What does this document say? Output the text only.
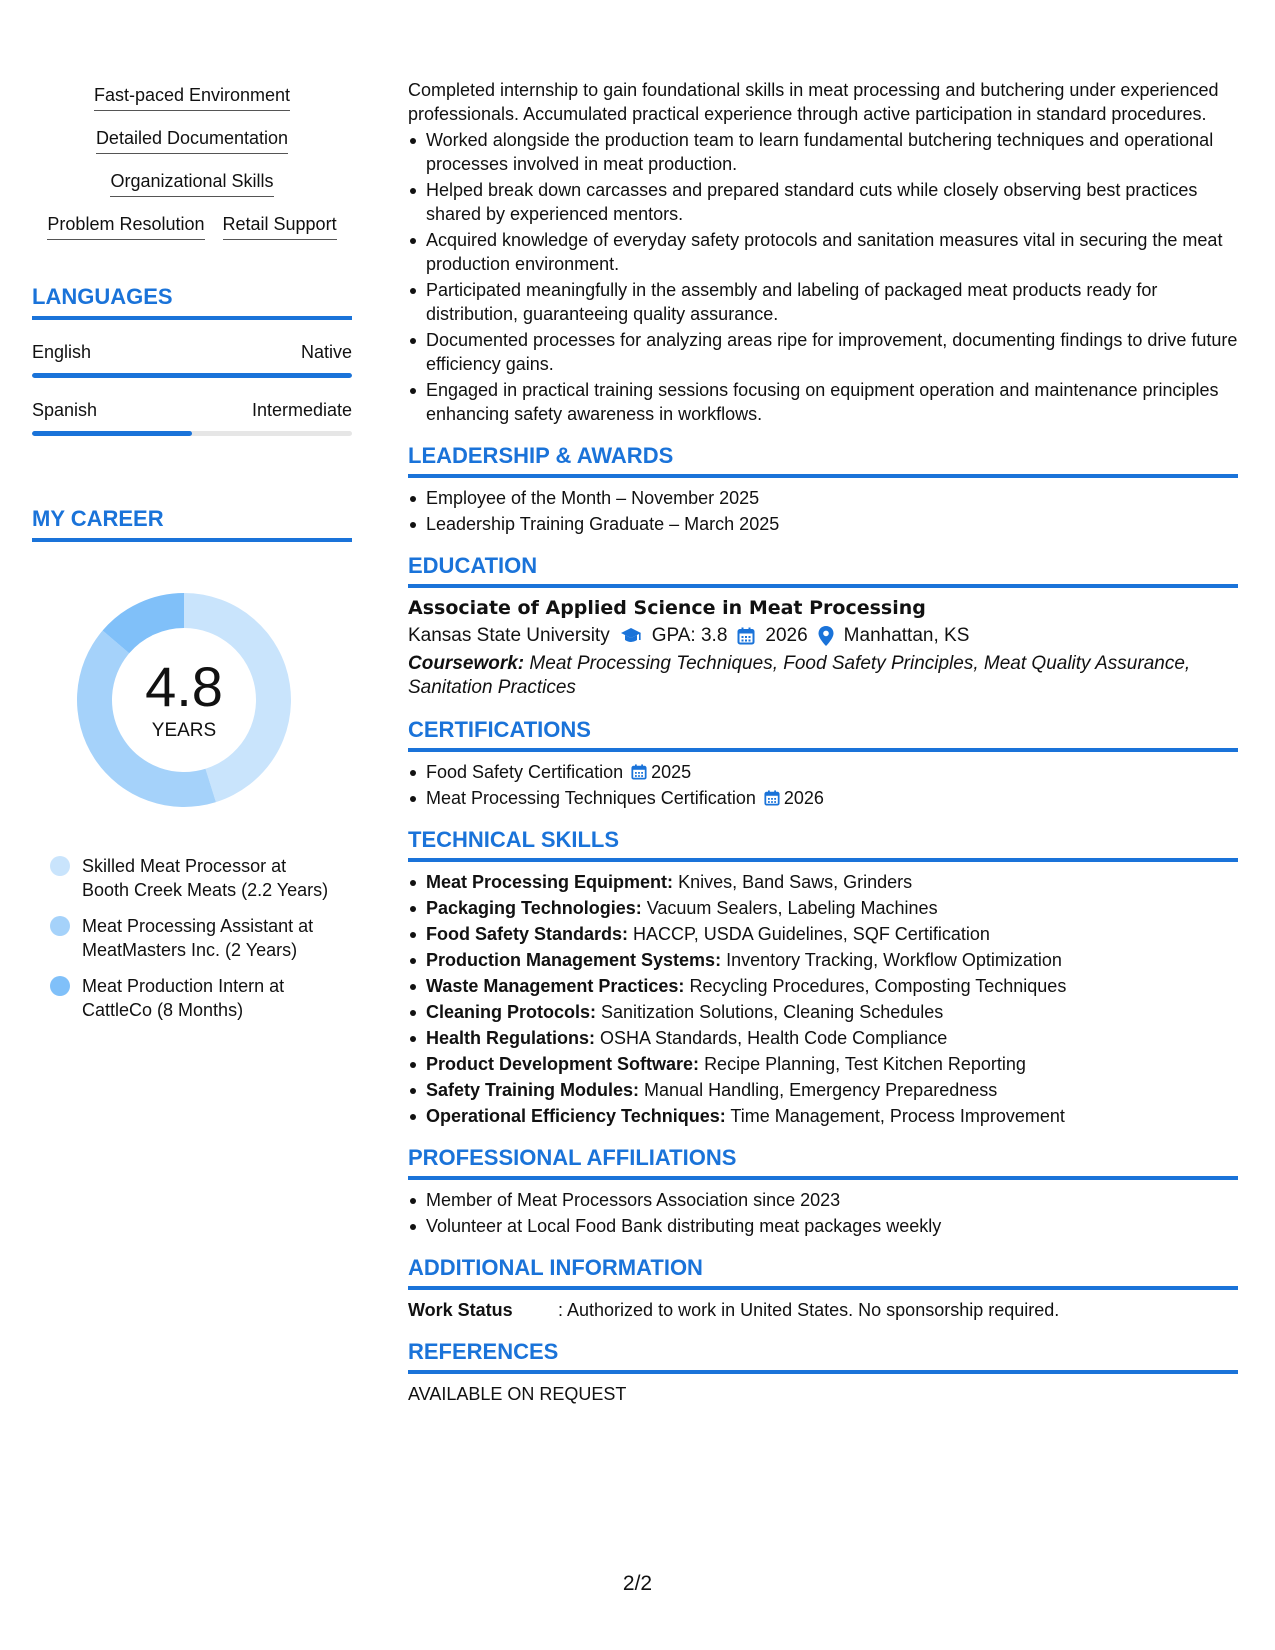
Fast-paced Environment
Detailed Documentation
Organizational Skills
Problem Resolution Retail Support
LANGUAGES
English	Native
Spanish	Intermediate
MY CAREER
4.8
YEARS
Skilled Meat Processor at Booth Creek Meats (2.2 Years)
Meat Processing Assistant at MeatMasters Inc. (2 Years)
Meat Production Intern at CattleCo (8 Months)
Completed internship to gain foundational skills in meat processing and butchering under experienced professionals. Accumulated practical experience through active participation in standard procedures.
Worked alongside the production team to learn fundamental butchering techniques and operational processes involved in meat production.
Helped break down carcasses and prepared standard cuts while closely observing best practices shared by experienced mentors.
Acquired knowledge of everyday safety protocols and sanitation measures vital in securing the meat production environment.
Participated meaningfully in the assembly and labeling of packaged meat products ready for distribution, guaranteeing quality assurance.
Documented processes for analyzing areas ripe for improvement, documenting findings to drive future efficiency gains.
Engaged in practical training sessions focusing on equipment operation and maintenance principles enhancing safety awareness in workflows.
LEADERSHIP & AWARDS
Employee of the Month – November 2025
Leadership Training Graduate – March 2025
EDUCATION
Associate of Applied Science in Meat Processing
Kansas State University GPA: 3.8 2026 Manhattan, KS
Coursework: Meat Processing Techniques, Food Safety Principles, Meat Quality Assurance, Sanitation Practices
CERTIFICATIONS
Food Safety Certification 2025
Meat Processing Techniques Certification 2026
TECHNICAL SKILLS
Meat Processing Equipment: Knives, Band Saws, Grinders
Packaging Technologies: Vacuum Sealers, Labeling Machines
Food Safety Standards: HACCP, USDA Guidelines, SQF Certification
Production Management Systems: Inventory Tracking, Workflow Optimization
Waste Management Practices: Recycling Procedures, Composting Techniques
Cleaning Protocols: Sanitization Solutions, Cleaning Schedules
Health Regulations: OSHA Standards, Health Code Compliance
Product Development Software: Recipe Planning, Test Kitchen Reporting
Safety Training Modules: Manual Handling, Emergency Preparedness
Operational Efficiency Techniques: Time Management, Process Improvement
PROFESSIONAL AFFILIATIONS
Member of Meat Processors Association since 2023
Volunteer at Local Food Bank distributing meat packages weekly
ADDITIONAL INFORMATION
Work Status	: Authorized to work in United States. No sponsorship required.
REFERENCES
AVAILABLE ON REQUEST
2/2
